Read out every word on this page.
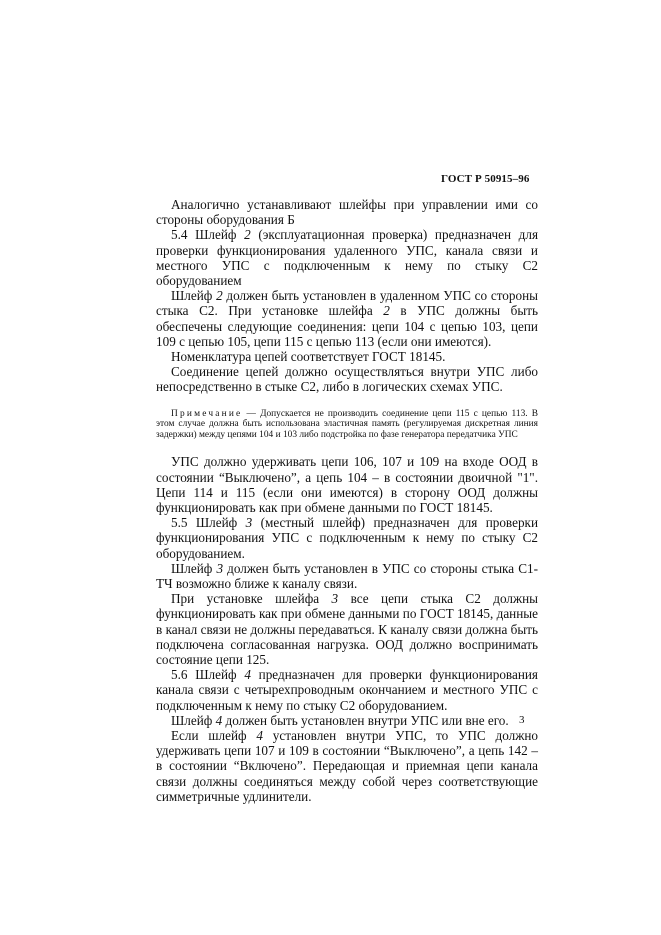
ГОСТ Р 50915–96

Аналогично устанавливают шлейфы при управлении ими со стороны оборудования Б

5.4 Шлейф 2 (эксплуатационная проверка) предназначен для проверки функционирования удаленного УПС, канала связи и местного УПС с подключенным к нему по стыку С2 оборудованием

Шлейф 2 должен быть установлен в удаленном УПС со стороны стыка С2. При установке шлейфа 2 в УПС должны быть обеспечены следующие соединения: цепи 104 с цепью 103, цепи 109 с цепью 105, цепи 115 с цепью 113 (если они имеются).

Номенклатура цепей соответствует ГОСТ 18145.

Соединение цепей должно осуществляться внутри УПС либо непосредственно в стыке С2, либо в логических схемах УПС.

Примечание — Допускается не производить соединение цепи 115 с цепью 113. В этом случае должна быть использована эластичная память (регулируемая дискретная линия задержки) между цепями 104 и 103 либо подстройка по фазе генератора передатчика УПС

УПС должно удерживать цепи 106, 107 и 109 на входе ООД в состоянии “Выключено”, а цепь 104 – в состоянии двоичной "1". Цепи 114 и 115 (если они имеются) в сторону ООД должны функционировать как при обмене данными по ГОСТ 18145.

5.5 Шлейф 3 (местный шлейф) предназначен для проверки функционирования УПС с подключенным к нему по стыку С2 оборудованием.

Шлейф 3 должен быть установлен в УПС со стороны стыка С1-ТЧ возможно ближе к каналу связи.

При установке шлейфа 3 все цепи стыка С2 должны функционировать как при обмене данными по ГОСТ 18145, данные в канал связи не должны передаваться. К каналу связи должна быть подключена согласованная нагрузка. ООД должно воспринимать состояние цепи 125.

5.6 Шлейф 4 предназначен для проверки функционирования канала связи с четырехпроводным окончанием и местного УПС с подключенным к нему по стыку С2 оборудованием.

Шлейф 4 должен быть установлен внутри УПС или вне его.

Если шлейф 4 установлен внутри УПС, то УПС должно удерживать цепи 107 и 109 в состоянии “Выключено”, а цепь 142 – в состоянии “Включено”. Передающая и приемная цепи канала связи должны соединяться между собой через соответствующие симметричные удлинители.

3
